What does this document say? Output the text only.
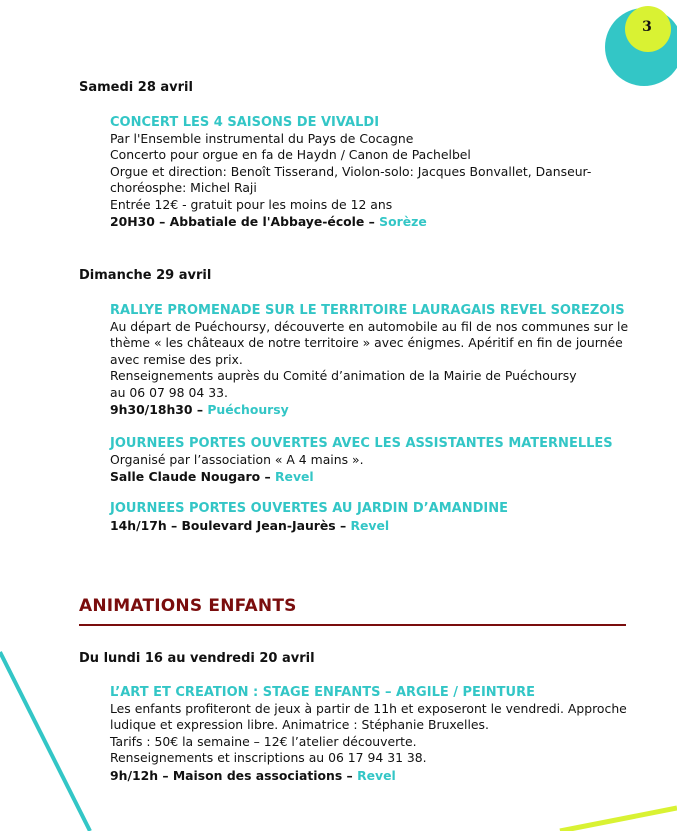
3
Samedi 28 avril
CONCERT LES 4 SAISONS DE VIVALDI
Par l'Ensemble instrumental du Pays de Cocagne
Concerto pour orgue en fa de Haydn / Canon de Pachelbel
Orgue et direction: Benoît Tisserand, Violon-solo: Jacques Bonvallet, Danseur-
choréosphe: Michel Raji
Entrée 12€ - gratuit pour les moins de 12 ans
20H30 – Abbatiale de l'Abbaye-école – Sorèze
Dimanche 29 avril
RALLYE PROMENADE SUR LE TERRITOIRE LAURAGAIS REVEL SOREZOIS
Au départ de Puéchoursy, découverte en automobile au fil de nos communes sur le
thème « les châteaux de notre territoire » avec énigmes. Apéritif en fin de journée
avec remise des prix.
Renseignements auprès du Comité d’animation de la Mairie de Puéchoursy
au 06 07 98 04 33.
9h30/18h30 – Puéchoursy
JOURNEES PORTES OUVERTES AVEC LES ASSISTANTES MATERNELLES
Organisé par l’association « A 4 mains ».
Salle Claude Nougaro – Revel
JOURNEES PORTES OUVERTES AU JARDIN D’AMANDINE
14h/17h – Boulevard Jean-Jaurès – Revel
ANIMATIONS ENFANTS
Du lundi 16 au vendredi 20 avril
L’ART ET CREATION : STAGE ENFANTS – ARGILE / PEINTURE
Les enfants profiteront de jeux à partir de 11h et exposeront le vendredi. Approche
ludique et expression libre. Animatrice : Stéphanie Bruxelles.
Tarifs : 50€ la semaine – 12€ l’atelier découverte.
Renseignements et inscriptions au 06 17 94 31 38.
9h/12h – Maison des associations – Revel
